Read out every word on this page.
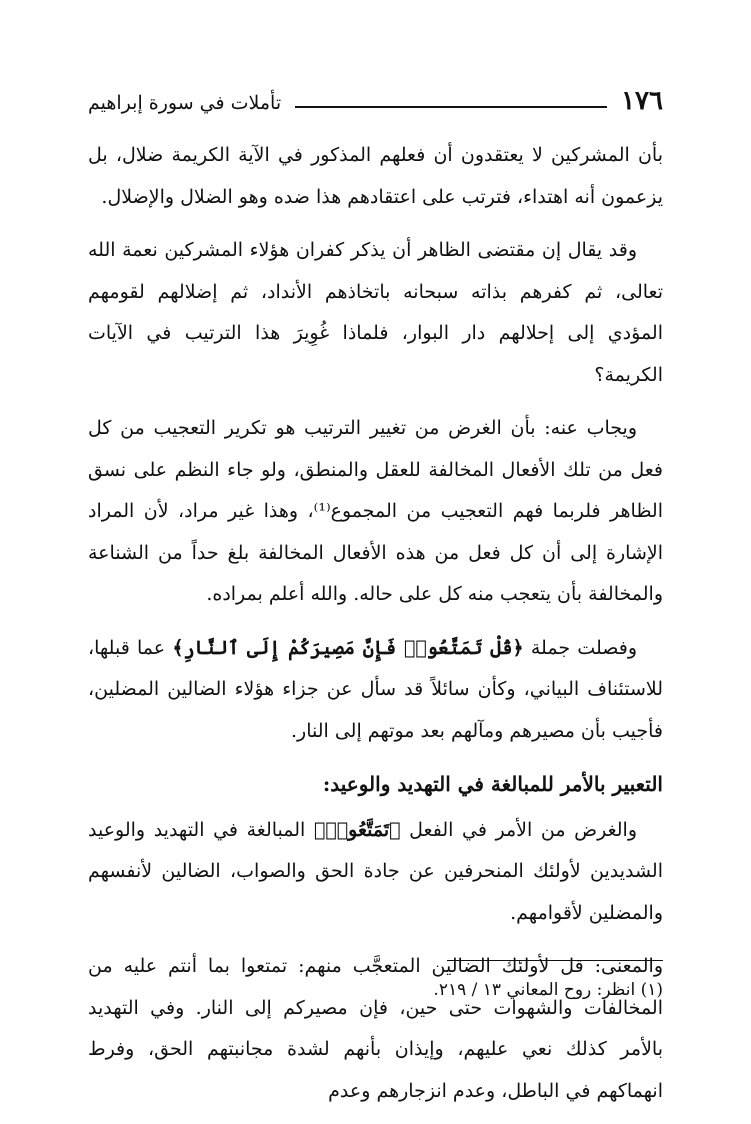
١٧٦
تأملات في سورة إبراهيم

بأن المشركين لا يعتقدون أن فعلهم المذكور في الآية الكريمة ضلال، بل يزعمون أنه اهتداء، فترتب على اعتقادهم هذا ضده وهو الضلال والإضلال.

وقد يقال إن مقتضى الظاهر أن يذكر كفران هؤلاء المشركين نعمة الله تعالى، ثم كفرهم بذاته سبحانه باتخاذهم الأنداد، ثم إضلالهم لقومهم المؤدي إلى إحلالهم دار البوار، فلماذا غُوِيرَ هذا الترتيب في الآيات الكريمة؟

ويجاب عنه: بأن الغرض من تغيير الترتيب هو تكرير التعجيب من كل فعل من تلك الأفعال المخالفة للعقل والمنطق، ولو جاء النظم على نسق الظاهر فلربما فهم التعجيب من المجموع⁽¹⁾، وهذا غير مراد، لأن المراد الإشارة إلى أن كل فعل من هذه الأفعال المخالفة بلغ حداً من الشناعة والمخالفة بأن يتعجب منه كل على حاله. والله أعلم بمراده.

وفصلت جملة ﴿قُلْ تَمَتَّعُوا۟ فَإِنَّ مَصِيرَكُمْ إِلَى ٱلنَّارِ﴾ عما قبلها، للاستئناف البياني، وكأن سائلاً قد سأل عن جزاء هؤلاء الضالين المضلين، فأجيب بأن مصيرهم ومآلهم بعد موتهم إلى النار.

التعبير بالأمر للمبالغة في التهديد والوعيد:

والغرض من الأمر في الفعل ﴿تَمَتَّعُوا۟﴾ المبالغة في التهديد والوعيد الشديدين لأولئك المنحرفين عن جادة الحق والصواب، الضالين لأنفسهم والمضلين لأقوامهم.

والمعنى: قل لأولئك الضالين المتعجَّب منهم: تمتعوا بما أنتم عليه من المخالفات والشهوات حتى حين، فإن مصيركم إلى النار. وفي التهديد بالأمر كذلك نعي عليهم، وإيذان بأنهم لشدة مجانبتهم الحق، وفرط انهماكهم في الباطل، وعدم انزجارهم وعدم

(١) انظر: روح المعاني ١٣ / ٢١٩.
